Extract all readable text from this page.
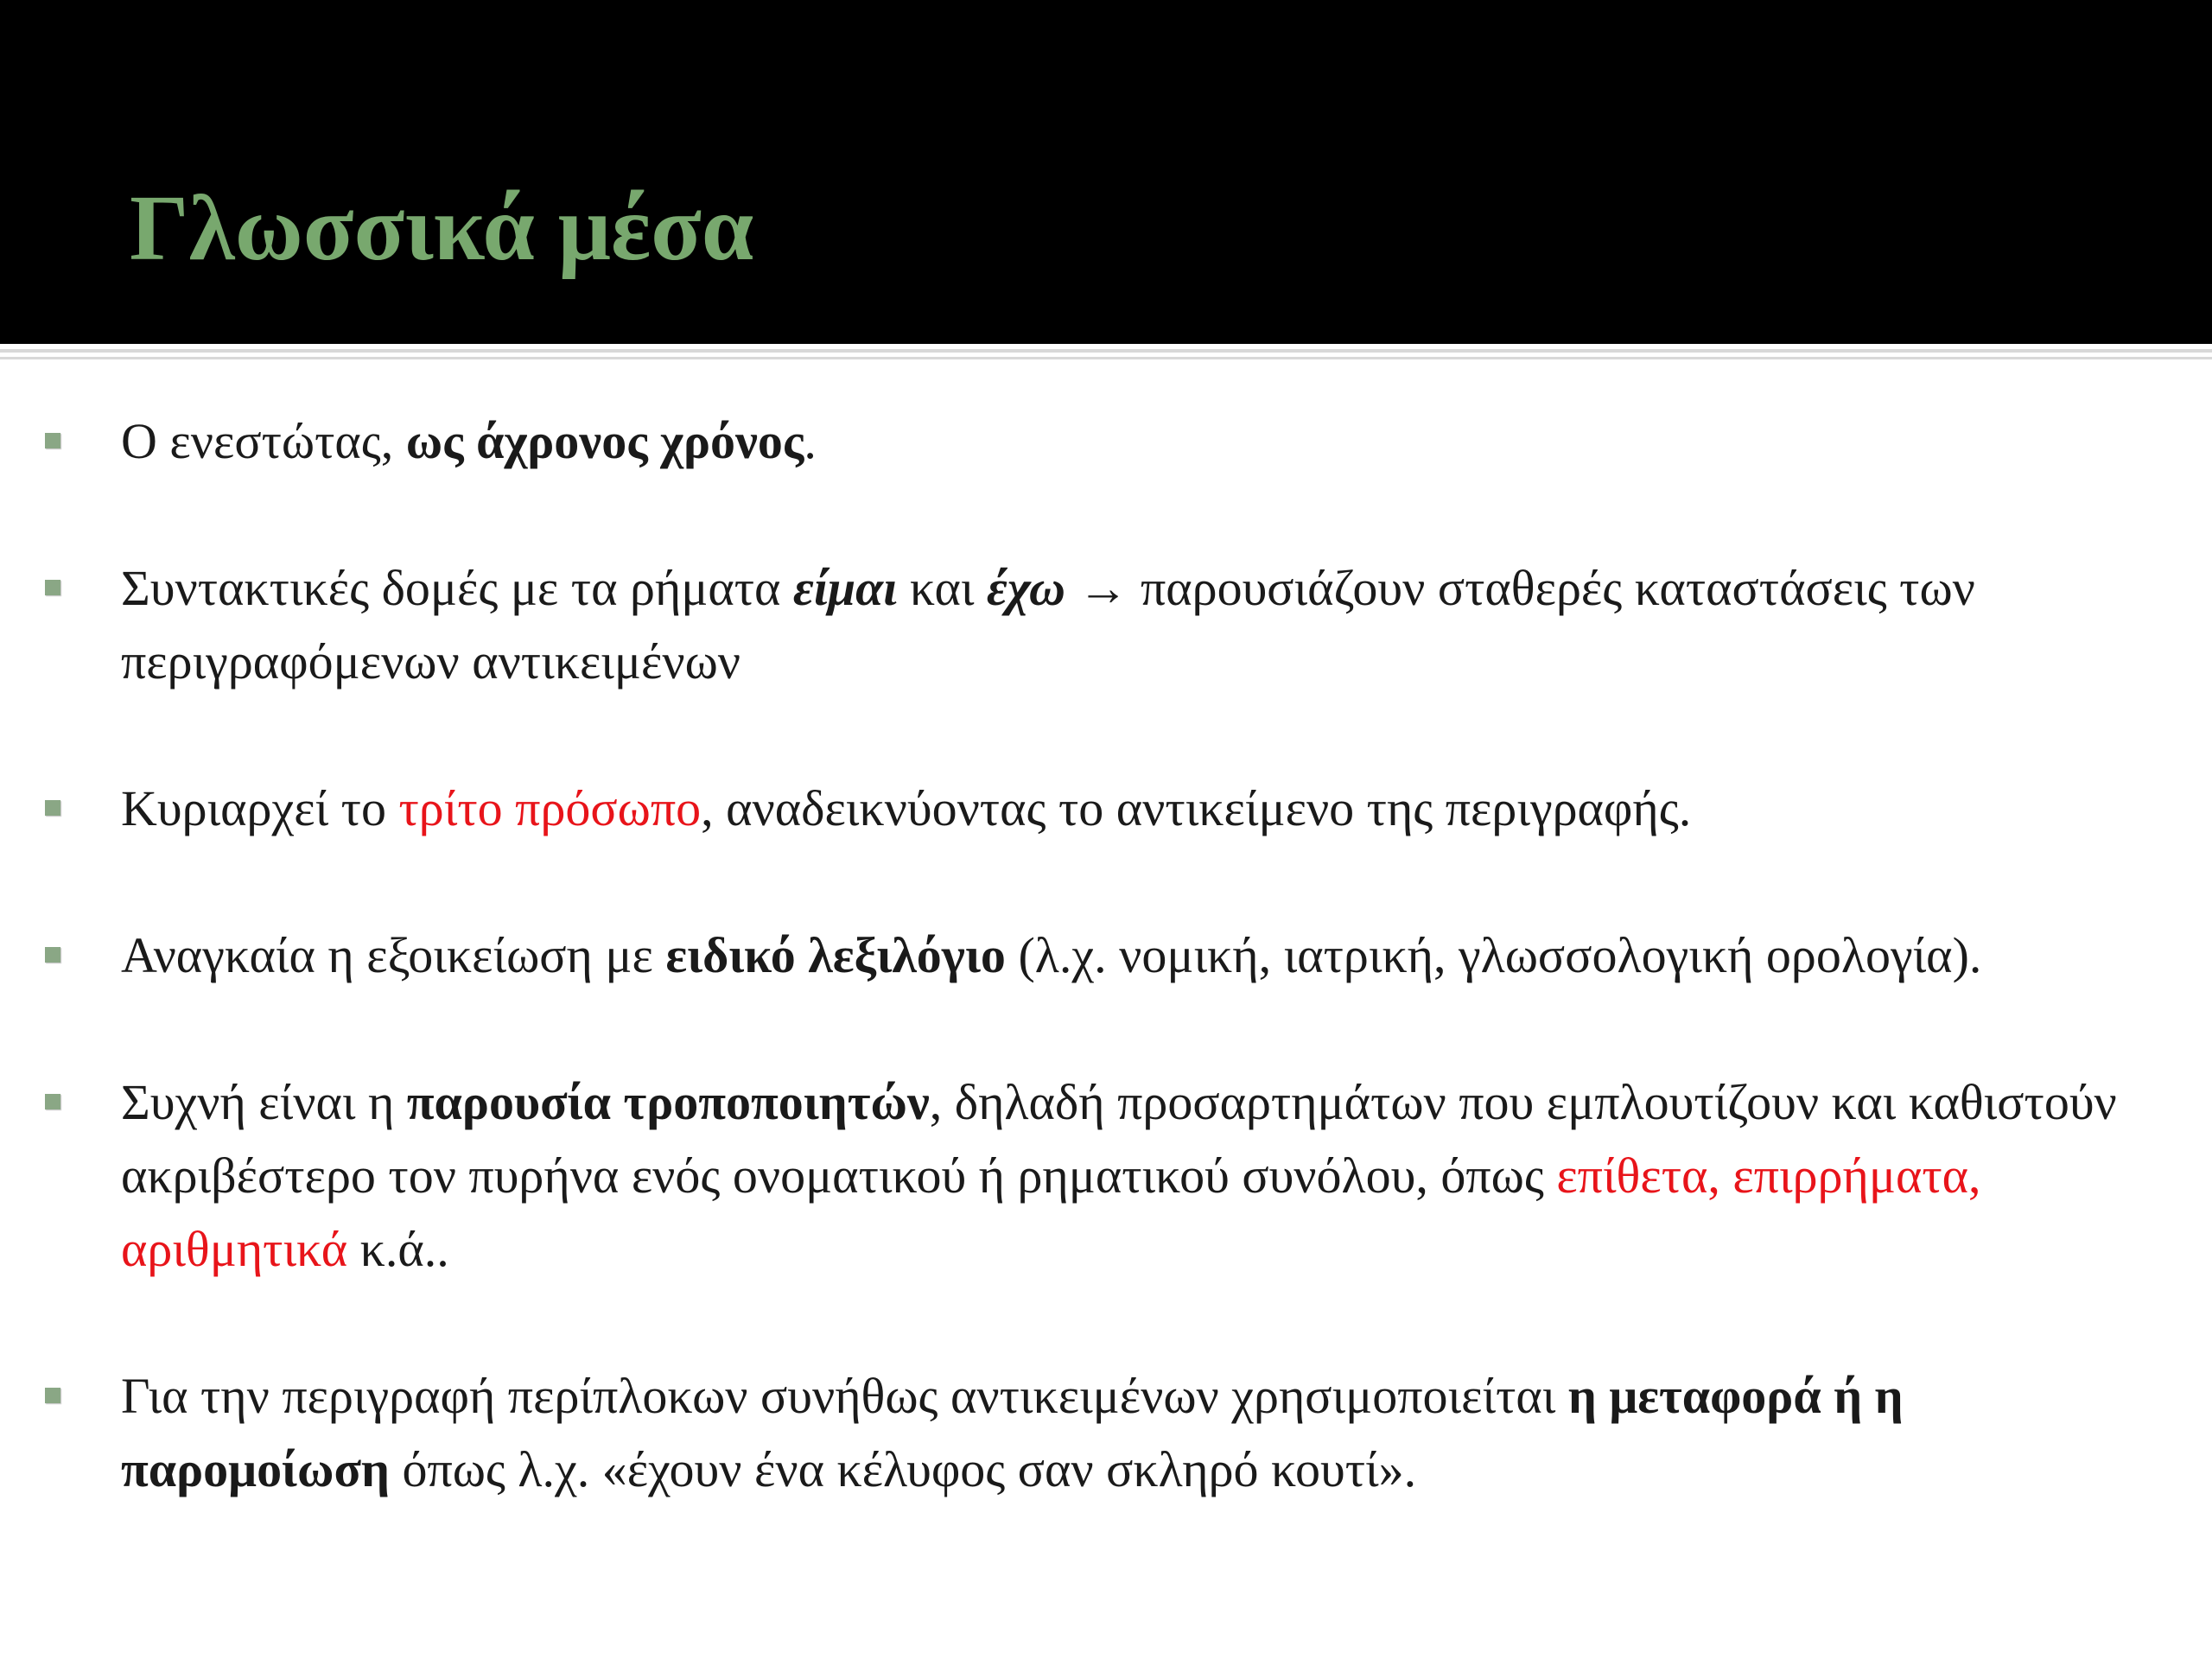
Γλωσσικά μέσα
Ο ενεστώτας, ως άχρονος χρόνος.
Συντακτικές δομές με τα ρήματα είμαι και έχω → παρουσιάζουν σταθερές καταστάσεις των περιγραφόμενων αντικειμένων
Κυριαρχεί το τρίτο πρόσωπο, αναδεικνύοντας το αντικείμενο της περιγραφής.
Αναγκαία η εξοικείωση με ειδικό λεξιλόγιο (λ.χ. νομική, ιατρική, γλωσσολογική ορολογία).
Συχνή είναι η παρουσία τροποποιητών, δηλαδή προσαρτημάτων που εμπλουτίζουν και καθιστούν ακριβέστερο τον πυρήνα ενός ονοματικού ή ρηματικού συνόλου, όπως επίθετα, επιρρήματα, αριθμητικά κ.ά..
Για την περιγραφή περίπλοκων συνήθως αντικειμένων χρησιμοποιείται η μεταφορά ή η παρομοίωση όπως λ.χ. «έχουν ένα κέλυφος σαν σκληρό κουτί».
